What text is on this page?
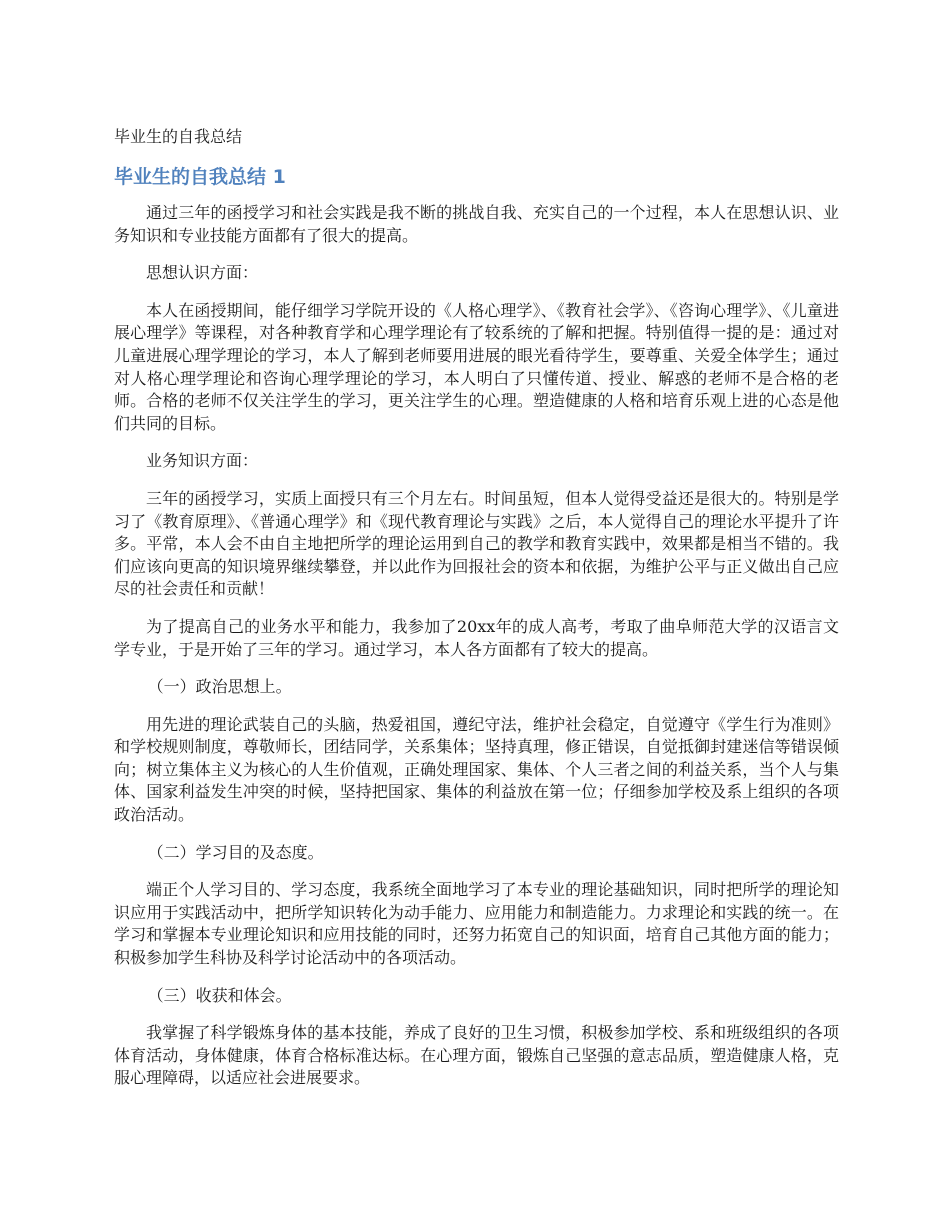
毕业生的自我总结
毕业生的自我总结 1

通过三年的函授学习和社会实践是我不断的挑战自我、充实自己的一个过程，本人在思想认识、业务知识和专业技能方面都有了很大的提高。

思想认识方面：

本人在函授期间，能仔细学习学院开设的《人格心理学》、《教育社会学》、《咨询心理学》、《儿童进展心理学》等课程，对各种教育学和心理学理论有了较系统的了解和把握。特别值得一提的是：通过对儿童进展心理学理论的学习，本人了解到老师要用进展的眼光看待学生，要尊重、关爱全体学生；通过对人格心理学理论和咨询心理学理论的学习，本人明白了只懂传道、授业、解惑的老师不是合格的老师。合格的老师不仅关注学生的学习，更关注学生的心理。塑造健康的人格和培育乐观上进的心态是他们共同的目标。

业务知识方面：

三年的函授学习，实质上面授只有三个月左右。时间虽短，但本人觉得受益还是很大的。特别是学习了《教育原理》、《普通心理学》和《现代教育理论与实践》之后，本人觉得自己的理论水平提升了许多。平常，本人会不由自主地把所学的理论运用到自己的教学和教育实践中，效果都是相当不错的。我们应该向更高的知识境界继续攀登，并以此作为回报社会的资本和依据，为维护公平与正义做出自己应尽的社会责任和贡献！

为了提高自己的业务水平和能力，我参加了20xx年的成人高考，考取了曲阜师范大学的汉语言文学专业，于是开始了三年的学习。通过学习，本人各方面都有了较大的提高。

（一）政治思想上。

用先进的理论武装自己的头脑，热爱祖国，遵纪守法，维护社会稳定，自觉遵守《学生行为准则》和学校规则制度，尊敬师长，团结同学，关系集体；坚持真理，修正错误，自觉抵御封建迷信等错误倾向；树立集体主义为核心的人生价值观，正确处理国家、集体、个人三者之间的利益关系，当个人与集体、国家利益发生冲突的时候，坚持把国家、集体的利益放在第一位；仔细参加学校及系上组织的各项政治活动。

（二）学习目的及态度。

端正个人学习目的、学习态度，我系统全面地学习了本专业的理论基础知识，同时把所学的理论知识应用于实践活动中，把所学知识转化为动手能力、应用能力和制造能力。力求理论和实践的统一。在学习和掌握本专业理论知识和应用技能的同时，还努力拓宽自己的知识面，培育自己其他方面的能力；积极参加学生科协及科学讨论活动中的各项活动。

（三）收获和体会。

我掌握了科学锻炼身体的基本技能，养成了良好的卫生习惯，积极参加学校、系和班级组织的各项体育活动，身体健康，体育合格标准达标。在心理方面，锻炼自己坚强的意志品质，塑造健康人格，克服心理障碍，以适应社会进展要求。
